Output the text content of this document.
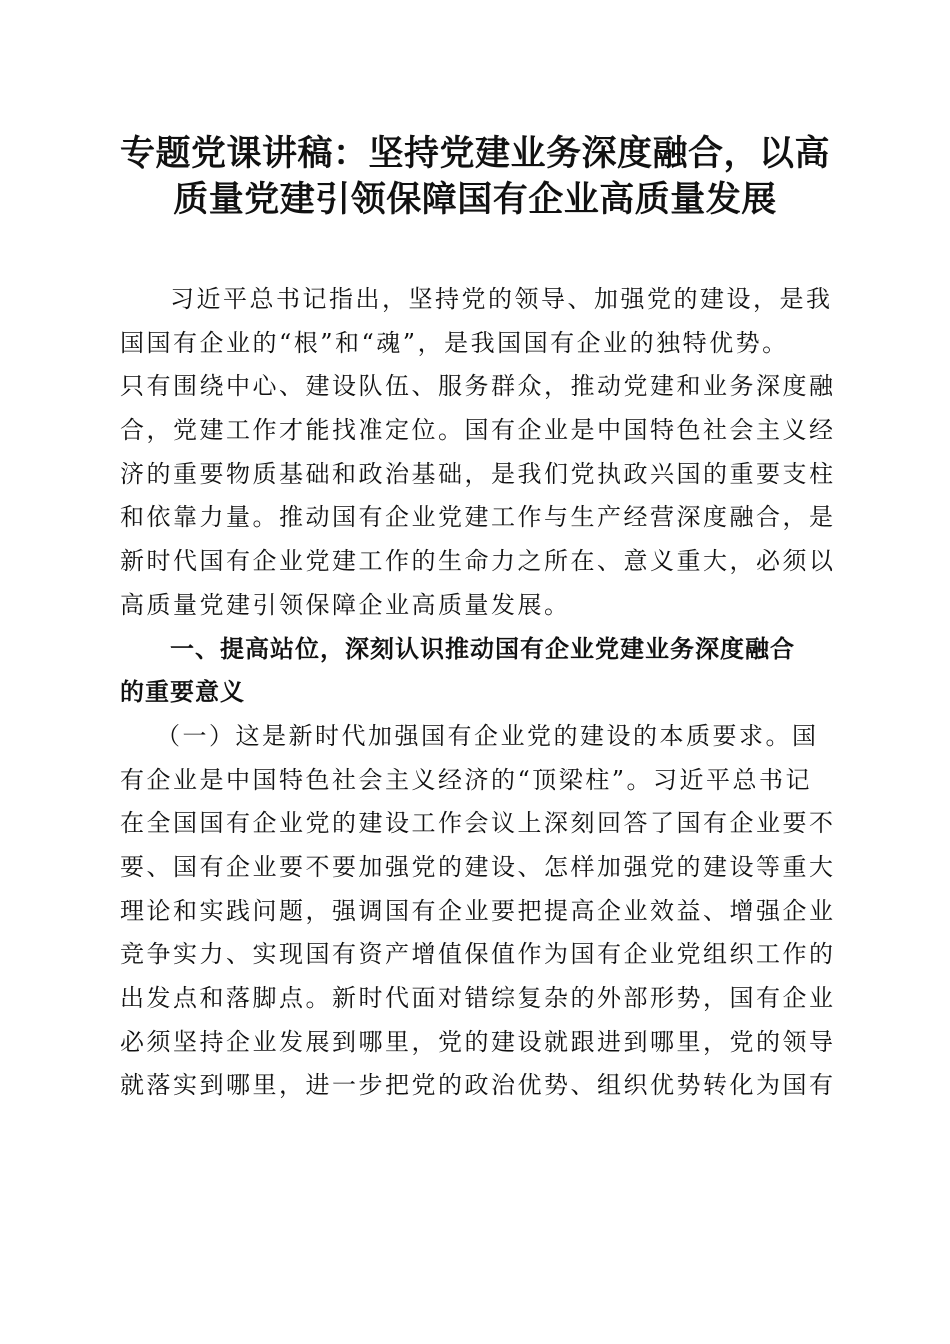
专题党课讲稿：坚持党建业务深度融合，以高
质量党建引领保障国有企业高质量发展
习近平总书记指出，坚持党的领导、加强党的建设，是我
国国有企业的“根”和“魂”，是我国国有企业的独特优势。
只有围绕中心、建设队伍、服务群众，推动党建和业务深度融
合，党建工作才能找准定位。国有企业是中国特色社会主义经
济的重要物质基础和政治基础，是我们党执政兴国的重要支柱
和依靠力量。推动国有企业党建工作与生产经营深度融合，是
新时代国有企业党建工作的生命力之所在、意义重大，必须以
高质量党建引领保障企业高质量发展。
一、提高站位，深刻认识推动国有企业党建业务深度融合
的重要意义
（一）这是新时代加强国有企业党的建设的本质要求。国
有企业是中国特色社会主义经济的“顶梁柱”。习近平总书记
在全国国有企业党的建设工作会议上深刻回答了国有企业要不
要、国有企业要不要加强党的建设、怎样加强党的建设等重大
理论和实践问题，强调国有企业要把提高企业效益、增强企业
竞争实力、实现国有资产增值保值作为国有企业党组织工作的
出发点和落脚点。新时代面对错综复杂的外部形势，国有企业
必须坚持企业发展到哪里，党的建设就跟进到哪里，党的领导
就落实到哪里，进一步把党的政治优势、组织优势转化为国有
